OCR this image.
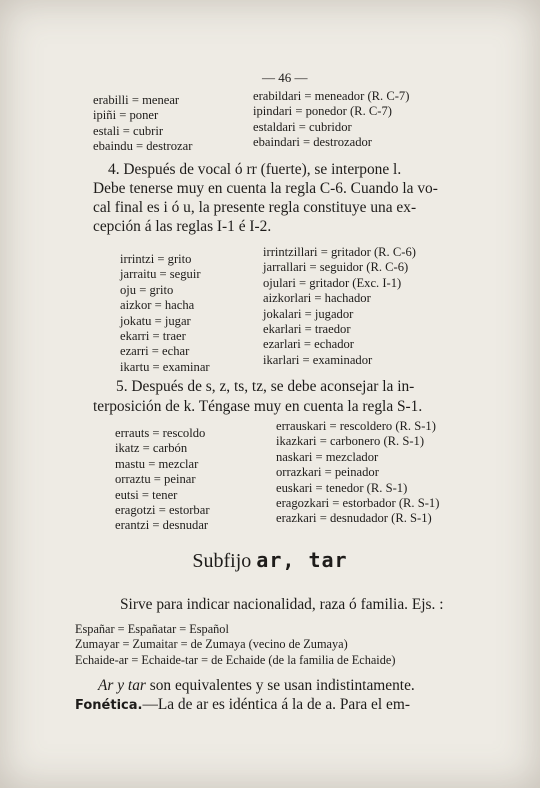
— 46 —
erabilli = menear
ipiñi = poner
estali = cubrir
ebaindu = destrozar
erabildari = meneador (R. C-7)
ipindari = ponedor (R. C-7)
estaldari = cubridor
ebaindari = destrozador
4. Después de vocal ó rr (fuerte), se interpone l.
Debe tenerse muy en cuenta la regla C-6. Cuando la vo-
cal final es i ó u, la presente regla constituye una ex-
cepción á las reglas I-1 é I-2.
irrintzi = grito
jarraitu = seguir
oju = grito
aizkor = hacha
jokatu = jugar
ekarri = traer
ezarri = echar
ikartu = examinar
irrintzillari = gritador (R. C-6)
jarrallari = seguidor (R. C-6)
ojulari = gritador (Exc. I-1)
aizkorlari = hachador
jokalari = jugador
ekarlari = traedor
ezarlari = echador
ikarlari = examinador
5. Después de s, z, ts, tz, se debe aconsejar la in-
terposición de k. Téngase muy en cuenta la regla S-1.
errauts = rescoldo
ikatz = carbón
mastu = mezclar
orraztu = peinar
eutsi = tener
eragotzi = estorbar
erantzi = desnudar
errauskari = rescoldero (R. S-1)
ikazkari = carbonero (R. S-1)
naskari = mezclador
orrazkari = peinador
euskari = tenedor (R. S-1)
eragozkari = estorbador (R. S-1)
erazkari = desnudador (R. S-1)
Subfijo ar, tar
Sirve para indicar nacionalidad, raza ó familia. Ejs. :
Españar = Españatar = Español
Zumayar = Zumaitar = de Zumaya (vecino de Zumaya)
Echaide-ar = Echaide-tar = de Echaide (de la familia de Echaide)
Ar y tar son equivalentes y se usan indistintamente.
Fonética.—La de ar es idéntica á la de a. Para el em-
